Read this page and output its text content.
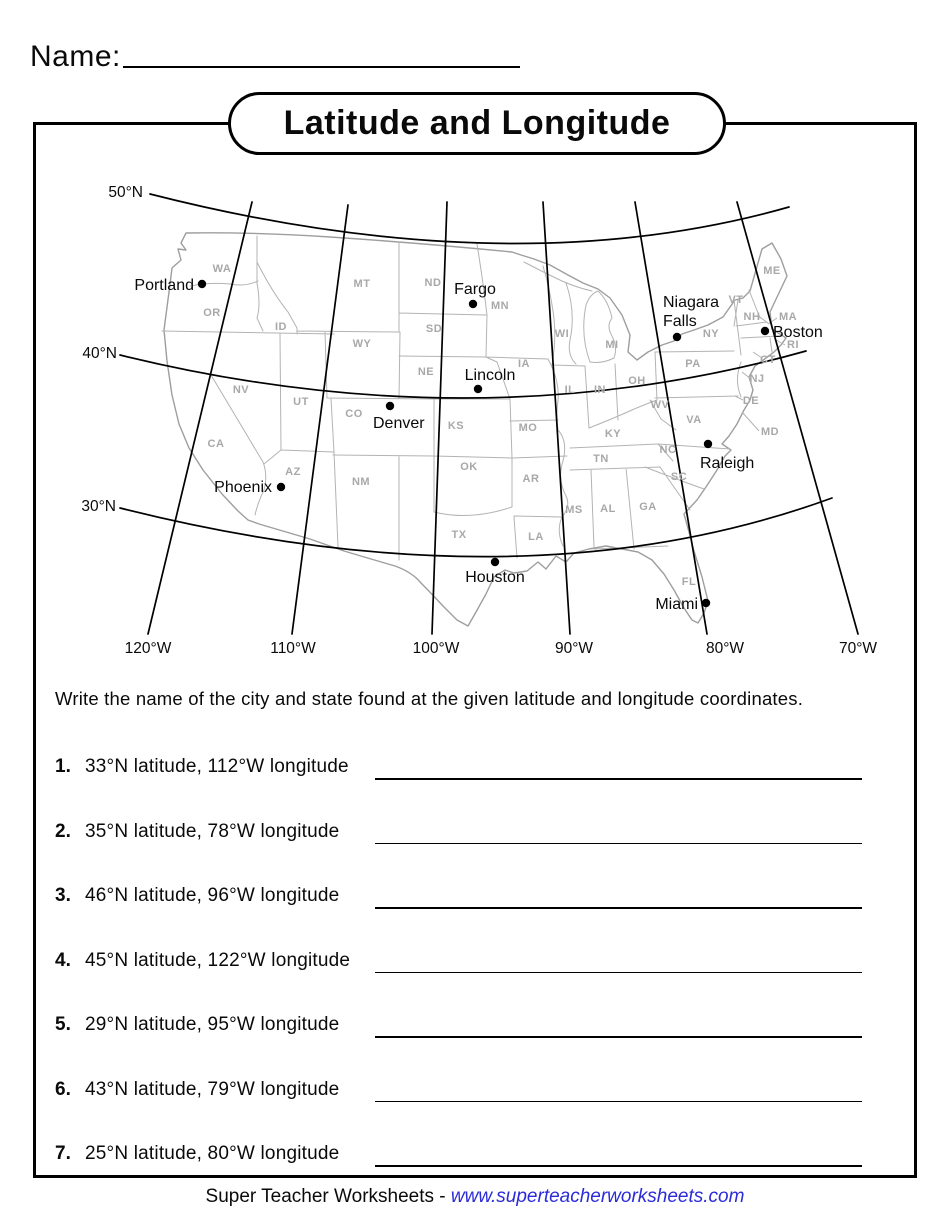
Name:
Latitude and Longitude
50°N
40°N
30°N
120°W	110°W	100°W	90°W	80°W	70°W
WA
OR
ID
MT	ND
SD
WY
NV
UT
CO
NE
KS
MN
WI
MI
IA
MO
IL IN
OH
KY
TN
WV
VA
PA
NY
VT
NH
ME
MA
RI
CT
NJ
DE
MD
NC
SC
GA
AL
MS
AR
LA
OK
TX
CA
AZ
NM
FL
Portland	Fargo
Niagara
Falls
Boston
Lincoln
Denver
Raleigh
Phoenix
Houston
Miami
Write the name of the city and state found at the given latitude and longitude coordinates.
1. 33°N latitude, 112°W longitude
2. 35°N latitude, 78°W longitude
3. 46°N latitude, 96°W longitude
4. 45°N latitude, 122°W longitude
5. 29°N latitude, 95°W longitude
6. 43°N latitude, 79°W longitude
7. 25°N latitude, 80°W longitude
Super Teacher Worksheets - www.superteacherworksheets.com
